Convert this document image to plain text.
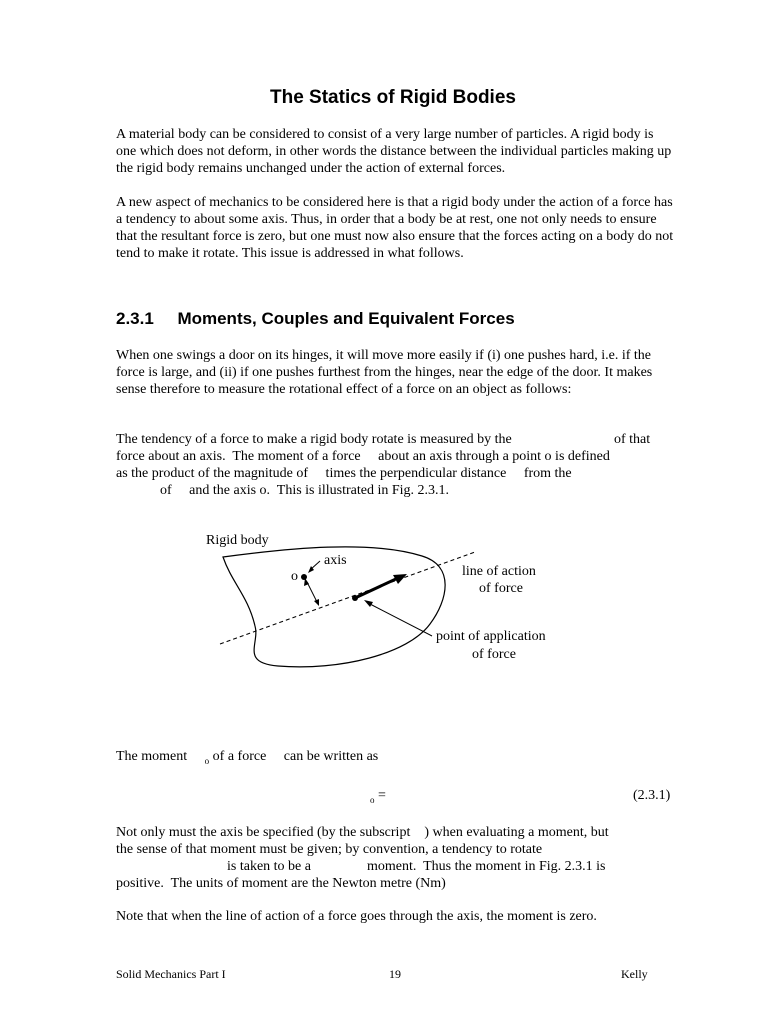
The Statics of Rigid Bodies
A material body can be considered to consist of a very large number of particles. A rigid body is one which does not deform, in other words the distance between the individual particles making up the rigid body remains unchanged under the action of external forces.
A new aspect of mechanics to be considered here is that a rigid body under the action of a force has a tendency to about some axis. Thus, in order that a body be at rest, one not only needs to ensure that the resultant force is zero, but one must now also ensure that the forces acting on a body do not tend to make it rotate. This issue is addressed in what follows.
2.3.1 Moments, Couples and Equivalent Forces
When one swings a door on its hinges, it will move more easily if (i) one pushes hard, i.e. if the force is large, and (ii) if one pushes furthest from the hinges, near the edge of the door. It makes sense therefore to measure the rotational effect of a force on an object as follows:
The tendency of a force to make a rigid body rotate is measured by the	of that
force about an axis.  The moment of a force     about an axis through a point o is defined
as the product of the magnitude of     times the perpendicular distance     from the
of     and the axis o.  This is illustrated in Fig. 2.3.1.
Rigid body
axis
o	line of action
of force
point of application
of force
The moment $_o$ of a force     can be written as
$_o$ =	(2.3.1)
Not only must the axis be specified (by the subscript    ) when evaluating a moment, but
the sense of that moment must be given; by convention, a tendency to rotate
is taken to be a                moment.  Thus the moment in Fig. 2.3.1 is
positive.  The units of moment are the Newton metre (Nm)
Note that when the line of action of a force goes through the axis, the moment is zero.
Solid Mechanics Part I	19	Kelly
